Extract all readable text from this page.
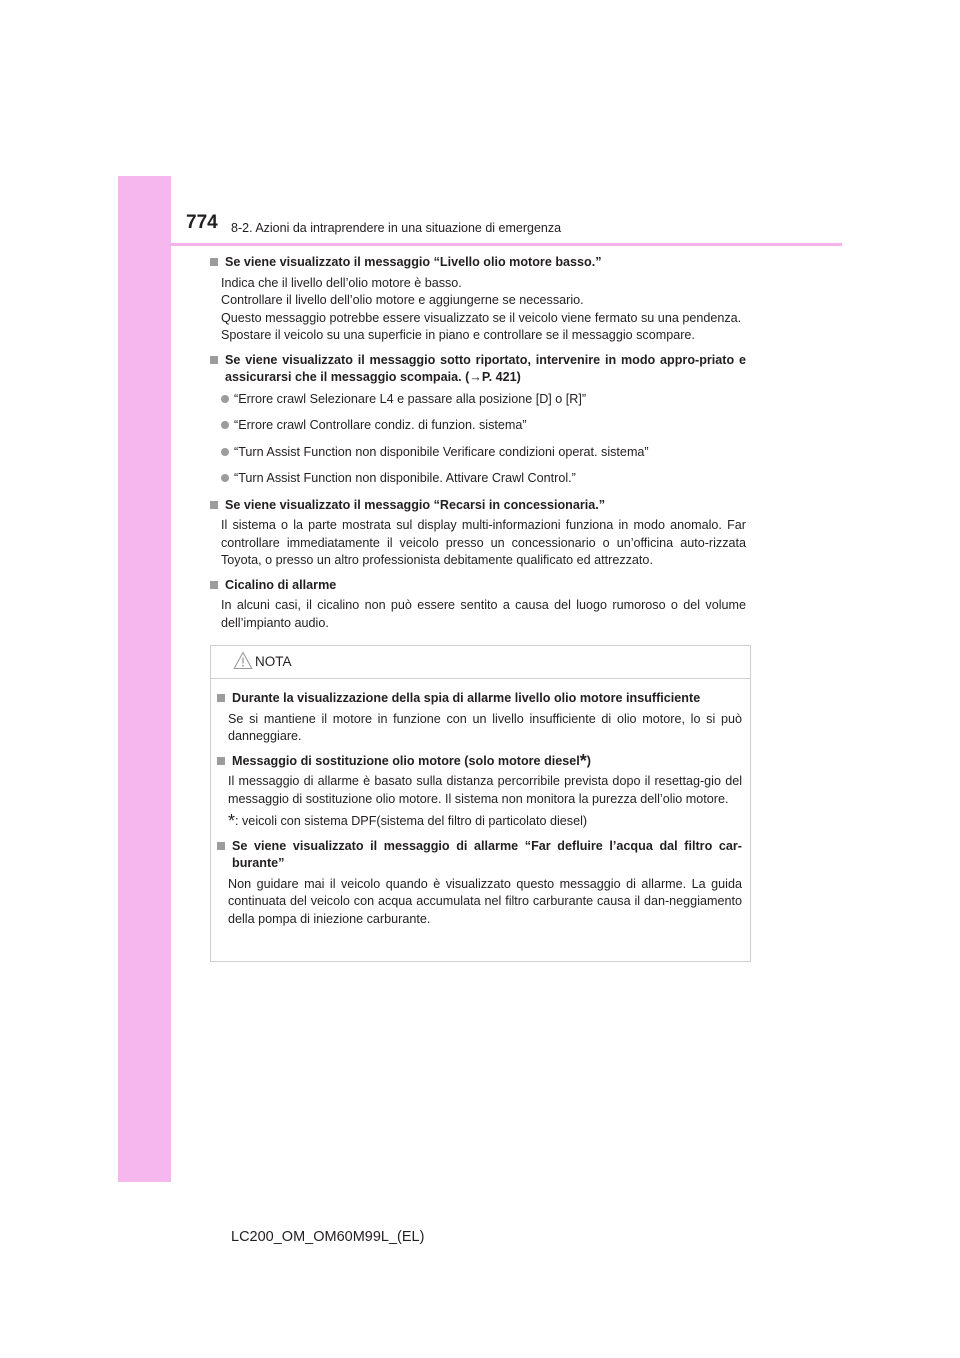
774 8-2. Azioni da intraprendere in una situazione di emergenza
Se viene visualizzato il messaggio “Livello olio motore basso.”

Indica che il livello dell’olio motore è basso.

Controllare il livello dell’olio motore e aggiungerne se necessario.

Questo messaggio potrebbe essere visualizzato se il veicolo viene fermato su una pendenza.

Spostare il veicolo su una superficie in piano e controllare se il messaggio scompare.

Se viene visualizzato il messaggio sotto riportato, intervenire in modo appro-priato e assicurarsi che il messaggio scompaia. (→P. 421)
“Errore crawl Selezionare L4 e passare alla posizione [D] o [R]”
“Errore crawl Controllare condiz. di funzion. sistema”
“Turn Assist Function non disponibile Verificare condizioni operat. sistema”
“Turn Assist Function non disponibile. Attivare Crawl Control.”
Se viene visualizzato il messaggio “Recarsi in concessionaria.”

Il sistema o la parte mostrata sul display multi-informazioni funziona in modo anomalo. Far controllare immediatamente il veicolo presso un concessionario o un’officina auto-rizzata Toyota, o presso un altro professionista debitamente qualificato ed attrezzato.

Cicalino di allarme

In alcuni casi, il cicalino non può essere sentito a causa del luogo rumoroso o del volume dell’impianto audio.

NOTA
Durante la visualizzazione della spia di allarme livello olio motore insufficiente
Se si mantiene il motore in funzione con un livello insufficiente di olio motore, lo si può danneggiare.
Messaggio di sostituzione olio motore (solo motore diesel*)
Il messaggio di allarme è basato sulla distanza percorribile prevista dopo il resettag-gio del messaggio di sostituzione olio motore. Il sistema non monitora la purezza dell’olio motore.
*: veicoli con sistema DPF(sistema del filtro di particolato diesel)
Se viene visualizzato il messaggio di allarme “Far defluire l’acqua dal filtro car-burante”
Non guidare mai il veicolo quando è visualizzato questo messaggio di allarme. La guida continuata del veicolo con acqua accumulata nel filtro carburante causa il dan-neggiamento della pompa di iniezione carburante.
LC200_OM_OM60M99L_(EL)
